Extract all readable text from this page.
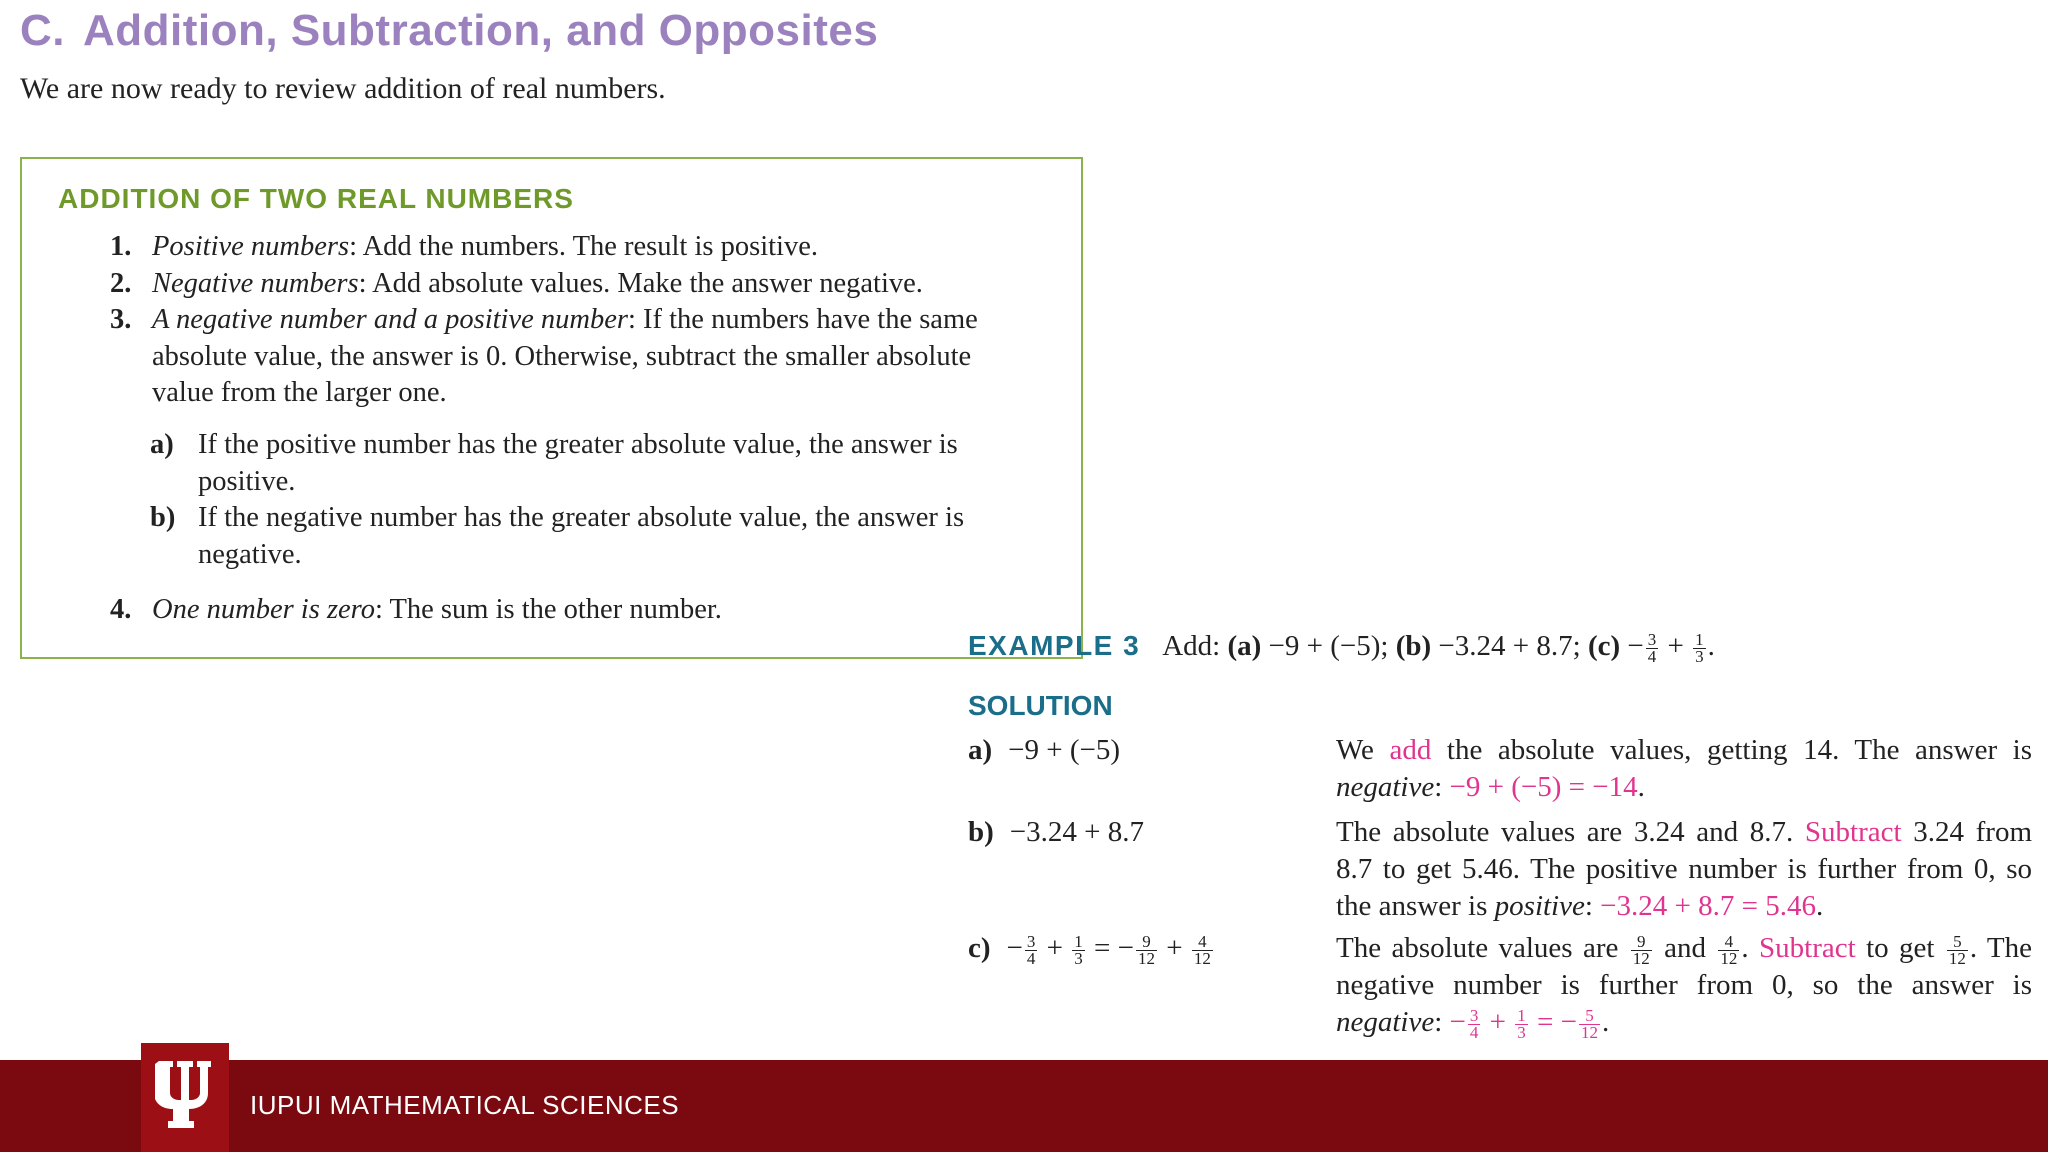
C. Addition, Subtraction, and Opposites
We are now ready to review addition of real numbers.
ADDITION OF TWO REAL NUMBERS
1. Positive numbers: Add the numbers. The result is positive.
2. Negative numbers: Add absolute values. Make the answer negative.
3. A negative number and a positive number: If the numbers have the same absolute value, the answer is 0. Otherwise, subtract the smaller absolute value from the larger one.
a) If the positive number has the greater absolute value, the answer is positive.
b) If the negative number has the greater absolute value, the answer is negative.
4. One number is zero: The sum is the other number.
EXAMPLE 3 Add: (a) −9 + (−5); (b) −3.24 + 8.7; $(c) - \frac{3}{4} + \frac{1}{3}$ .
SOLUTION
a) −9 + (−5)	We add the absolute values, getting 14. The answer is negative: −9 + (−5) = −14.
b) −3.24 + 8.7	The absolute values are 3.24 and 8.7. Subtract 3.24 from 8.7 to get 5.46. The positive number is further from 0, so the answer is positive: −3.24 + 8.7 = 5.46.
$c) - \frac{3}{4} + \frac{1}{3}$ = − $\frac{9}{12} + \frac{4}{12}$	The absolute values are $\frac{9}{12}$ and $\frac{4}{12}$ . Subtract to get $\frac{5}{12}$ . The negative number is further from 0, so the answer is negative: − $\frac{3}{4} + \frac{1}{3}$ = − $\frac{5}{12}$ .
IUPUI MATHEMATICAL SCIENCES
